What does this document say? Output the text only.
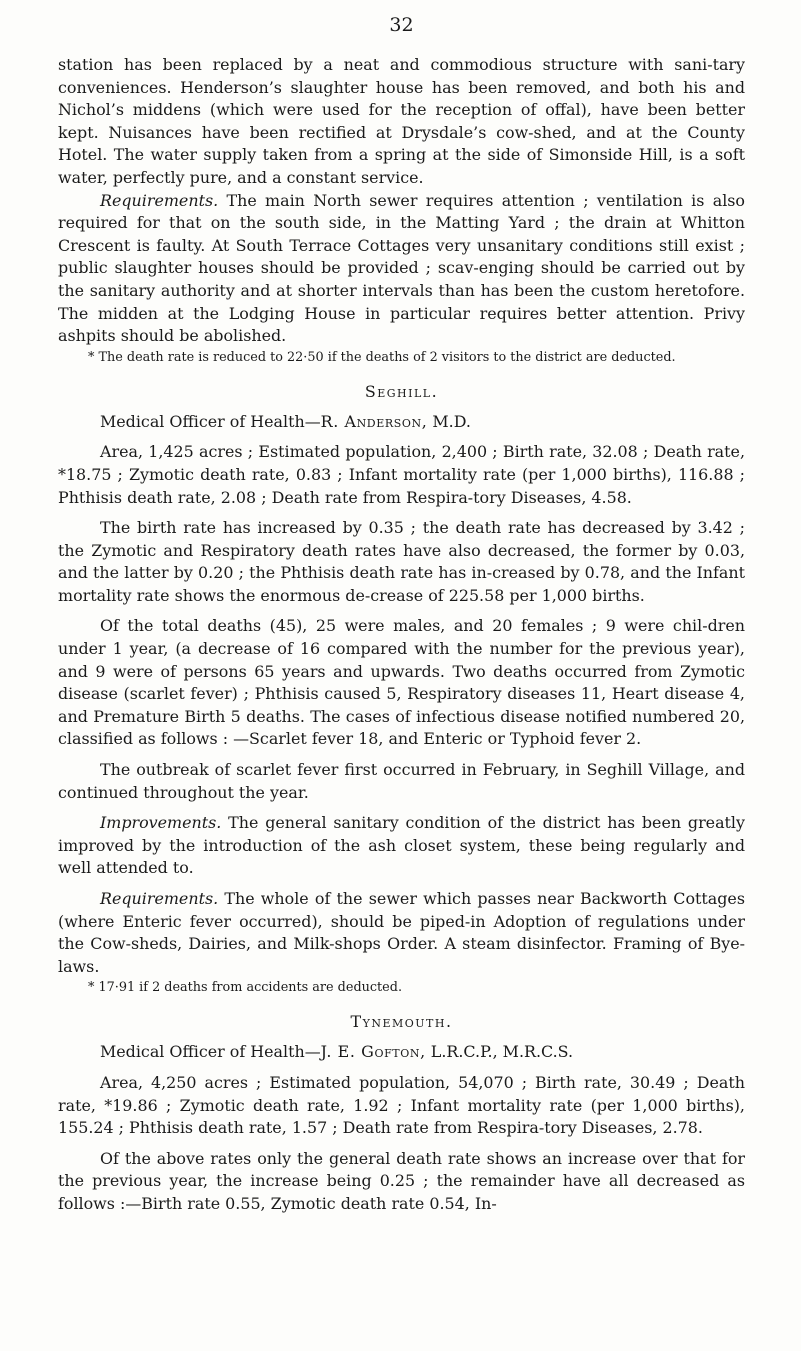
32

station has been replaced by a neat and commodious structure with sani-tary conveniences. Henderson’s slaughter house has been removed, and both his and Nichol’s middens (which were used for the reception of offal), have been better kept. Nuisances have been rectified at Drysdale’s cow-shed, and at the County Hotel. The water supply taken from a spring at the side of Simonside Hill, is a soft water, perfectly pure, and a constant service.

Requirements. The main North sewer requires attention ; ventilation is also required for that on the south side, in the Matting Yard ; the drain at Whitton Crescent is faulty. At South Terrace Cottages very unsanitary conditions still exist ; public slaughter houses should be provided ; scav-enging should be carried out by the sanitary authority and at shorter intervals than has been the custom heretofore. The midden at the Lodging House in particular requires better attention. Privy ashpits should be abolished.

* The death rate is reduced to 22·50 if the deaths of 2 visitors to the district are deducted.

Seghill.

Medical Officer of Health—R. Anderson, M.D.

Area, 1,425 acres ; Estimated population, 2,400 ; Birth rate, 32.08 ; Death rate, *18.75 ; Zymotic death rate, 0.83 ; Infant mortality rate (per 1,000 births), 116.88 ; Phthisis death rate, 2.08 ; Death rate from Respira-tory Diseases, 4.58.

The birth rate has increased by 0.35 ; the death rate has decreased by 3.42 ; the Zymotic and Respiratory death rates have also decreased, the former by 0.03, and the latter by 0.20 ; the Phthisis death rate has in-creased by 0.78, and the Infant mortality rate shows the enormous de-crease of 225.58 per 1,000 births.

Of the total deaths (45), 25 were males, and 20 females ; 9 were chil-dren under 1 year, (a decrease of 16 compared with the number for the previous year), and 9 were of persons 65 years and upwards. Two deaths occurred from Zymotic disease (scarlet fever) ; Phthisis caused 5, Respiratory diseases 11, Heart disease 4, and Premature Birth 5 deaths. The cases of infectious disease notified numbered 20, classified as follows : —Scarlet fever 18, and Enteric or Typhoid fever 2.

The outbreak of scarlet fever first occurred in February, in Seghill Village, and continued throughout the year.

Improvements. The general sanitary condition of the district has been greatly improved by the introduction of the ash closet system, these being regularly and well attended to.

Requirements. The whole of the sewer which passes near Backworth Cottages (where Enteric fever occurred), should be piped-in Adoption of regulations under the Cow-sheds, Dairies, and Milk-shops Order. A steam disinfector. Framing of Bye-laws.

* 17·91 if 2 deaths from accidents are deducted.

Tynemouth.

Medical Officer of Health—J. E. Gofton, L.R.C.P., M.R.C.S.

Area, 4,250 acres ; Estimated population, 54,070 ; Birth rate, 30.49 ; Death rate, *19.86 ; Zymotic death rate, 1.92 ; Infant mortality rate (per 1,000 births), 155.24 ; Phthisis death rate, 1.57 ; Death rate from Respira-tory Diseases, 2.78.

Of the above rates only the general death rate shows an increase over that for the previous year, the increase being 0.25 ; the remainder have all decreased as follows :—Birth rate 0.55, Zymotic death rate 0.54, In-
